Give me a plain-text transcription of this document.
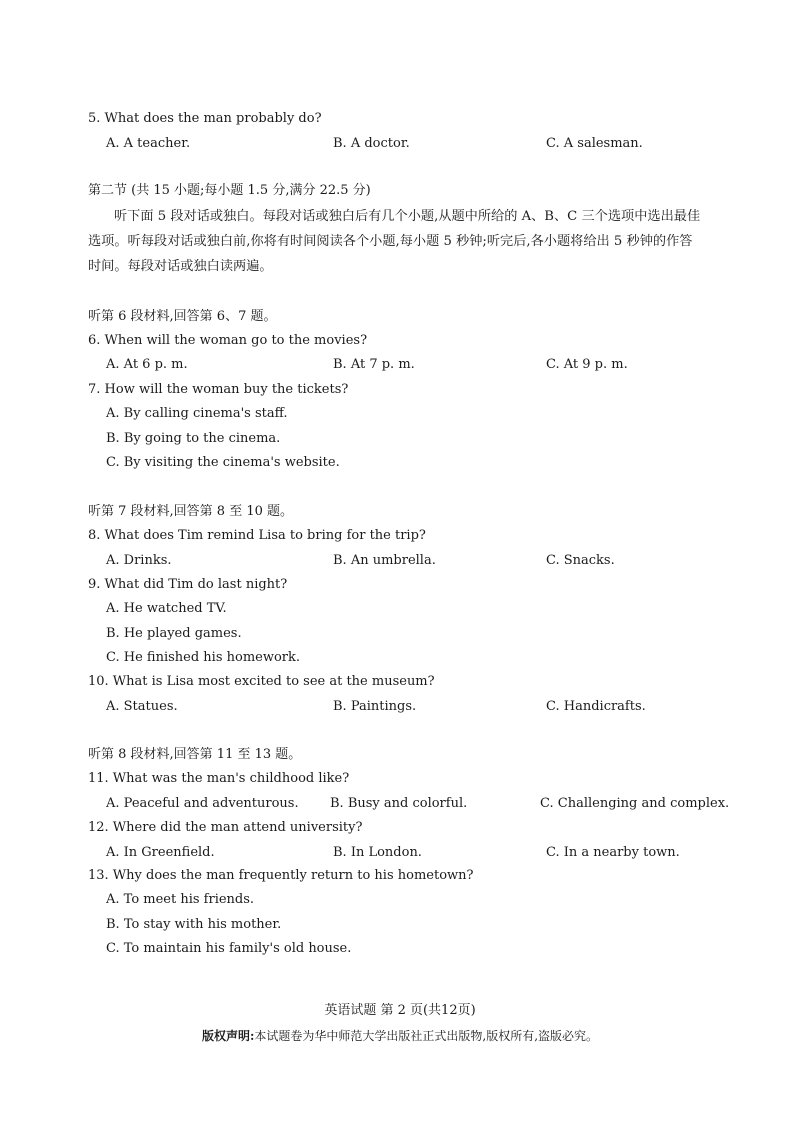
5. What does the man probably do?
A. A teacher.	B. A doctor.	C. A salesman.
第二节 (共 15 小题;每小题 1.5 分,满分 22.5 分)
听下面 5 段对话或独白。每段对话或独白后有几个小题,从题中所给的 A、B、C 三个选项中选出最佳
选项。听每段对话或独白前,你将有时间阅读各个小题,每小题 5 秒钟;听完后,各小题将给出 5 秒钟的作答
时间。每段对话或独白读两遍。
听第 6 段材料,回答第 6、7 题。
6. When will the woman go to the movies?
A. At 6 p. m.	B. At 7 p. m.	C. At 9 p. m.
7. How will the woman buy the tickets?
A. By calling cinema's staff.
B. By going to the cinema.
C. By visiting the cinema's website.
听第 7 段材料,回答第 8 至 10 题。
8. What does Tim remind Lisa to bring for the trip?
A. Drinks.	B. An umbrella.	C. Snacks.
9. What did Tim do last night?
A. He watched TV.
B. He played games.
C. He finished his homework.
10. What is Lisa most excited to see at the museum?
A. Statues.	B. Paintings.	C. Handicrafts.
听第 8 段材料,回答第 11 至 13 题。
11. What was the man's childhood like?
A. Peaceful and adventurous. B. Busy and colorful.	C. Challenging and complex.
12. Where did the man attend university?
A. In Greenfield.	B. In London.	C. In a nearby town.
13. Why does the man frequently return to his hometown?
A. To meet his friends.
B. To stay with his mother.
C. To maintain his family's old house.
英语试题 第 2 页(共12页)
版权声明:本试题卷为华中师范大学出版社正式出版物,版权所有,盗版必究。
